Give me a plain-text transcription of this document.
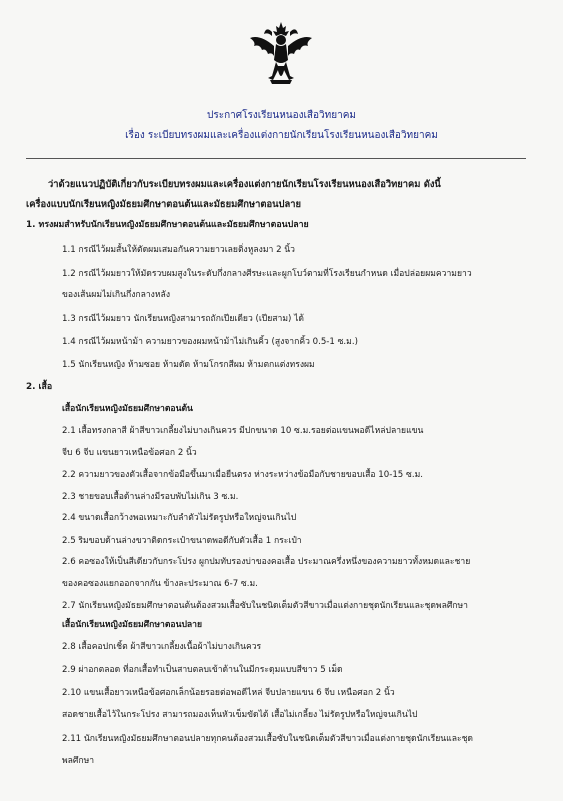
ประกาศโรงเรียนหนองเสือวิทยาคม
เรื่อง ระเบียบทรงผมและเครื่องแต่งกายนักเรียนโรงเรียนหนองเสือวิทยาคม
ว่าด้วยแนวปฏิบัติเกี่ยวกับระเบียบทรงผมและเครื่องแต่งกายนักเรียนโรงเรียนหนองเสือวิทยาคม ดังนี้
เครื่องแบบนักเรียนหญิงมัธยมศึกษาตอนต้นและมัธยมศึกษาตอนปลาย
1. ทรงผมสำหรับนักเรียนหญิงมัธยมศึกษาตอนต้นและมัธยมศึกษาตอนปลาย
1.1 กรณีไว้ผมสั้นให้ตัดผมเสมอกันความยาวเลยติ่งหูลงมา 2 นิ้ว
1.2 กรณีไว้ผมยาวให้มัดรวบผมสูงในระดับกึ่งกลางศีรษะและผูกโบว์ตามที่โรงเรียนกำหนด เมื่อปล่อยผมความยาว
ของเส้นผมไม่เกินกึ่งกลางหลัง
1.3 กรณีไว้ผมยาว นักเรียนหญิงสามารถถักเปียเดียว (เปียสาม) ได้
1.4 กรณีไว้ผมหน้าม้า ความยาวของผมหน้าม้าไม่เกินคิ้ว (สูงจากคิ้ว 0.5-1 ซ.ม.)
1.5 นักเรียนหญิง ห้ามซอย ห้ามดัด ห้ามโกรกสีผม ห้ามตกแต่งทรงผม
2. เสื้อ
เสื้อนักเรียนหญิงมัธยมศึกษาตอนต้น
2.1 เสื้อทรงกลาสี ผ้าสีขาวเกลี้ยงไม่บางเกินควร มีปกขนาด 10 ซ.ม.รอยต่อแขนพอดีไหล่ปลายแขน
จีบ 6 จีบ แขนยาวเหนือข้อศอก 2 นิ้ว
2.2 ความยาวของตัวเสื้อจากข้อมือขึ้นมาเมื่อยืนตรง ห่างระหว่างข้อมือกับชายขอบเสื้อ 10-15 ซ.ม.
2.3 ชายขอบเสื้อด้านล่างมีรอบพับไม่เกิน 3 ซ.ม.
2.4 ขนาดเสื้อกว้างพอเหมาะกับลำตัวไม่รัดรูปหรือใหญ่จนเกินไป
2.5 ริมขอบด้านล่างขวาติดกระเป๋าขนาดพอดีกับตัวเสื้อ 1 กระเป๋า
2.6 คอซองให้เป็นสีเดียวกับกระโปรง ผูกปมทับรองบ่าของคอเสื้อ ประมาณครึ่งหนึ่งของความยาวทั้งหมดและชาย
ของคอซองแยกออกจากกัน ข้างละประมาณ 6-7 ซ.ม.
2.7 นักเรียนหญิงมัธยมศึกษาตอนต้นต้องสวมเสื้อซับในชนิดเต็มตัวสีขาวเมื่อแต่งกายชุดนักเรียนและชุดพลศึกษา
เสื้อนักเรียนหญิงมัธยมศึกษาตอนปลาย
2.8 เสื้อคอปกเชิ้ต ผ้าสีขาวเกลี้ยงเนื้อผ้าไม่บางเกินควร
2.9 ผ่าอกตลอด ที่อกเสื้อทำเป็นสาบตลบเข้าด้านในมีกระดุมแบบสีขาว 5 เม็ด
2.10 แขนเสื้อยาวเหนือข้อศอกเล็กน้อยรอยต่อพอดีไหล่ จีบปลายแขน 6 จีบ เหนือศอก 2 นิ้ว
สอดชายเสื้อไว้ในกระโปรง สามารถมองเห็นหัวเข็มขัดได้ เสื้อไม่เกลี้ยง ไม่รัดรูปหรือใหญ่จนเกินไป
2.11 นักเรียนหญิงมัธยมศึกษาตอนปลายทุกคนต้องสวมเสื้อซับในชนิดเต็มตัวสีขาวเมื่อแต่งกายชุดนักเรียนและชุด
พลศึกษา
